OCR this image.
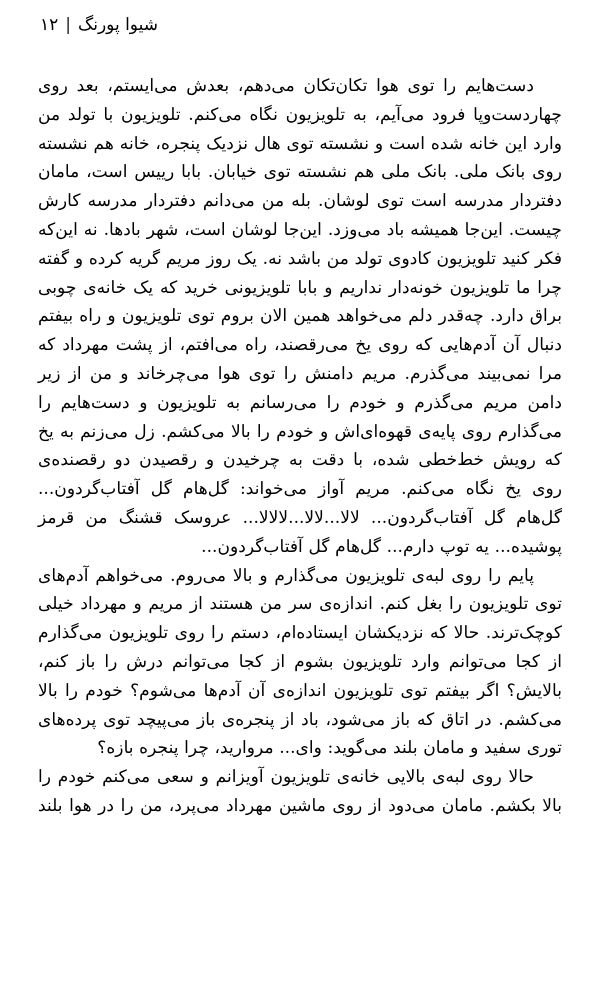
شیوا پورنگ
|
۱۲

دست‌هایم را توی هوا تکان‌تکان می‌دهم، بعدش می‌ایستم، بعد روی چهاردست‌وپا فرود می‌آیم، به تلویزیون نگاه می‌کنم. تلویزیون با تولد من وارد این خانه شده است و نشسته توی هال نزدیک پنجره، خانه هم نشسته روی بانک ملی. بانک ملی هم نشسته توی خیابان. بابا رییس است، مامان دفتردار مدرسه است توی لوشان. بله من می‌دانم دفتردار مدرسه کارش چیست. این‌جا همیشه باد می‌وزد. این‌جا لوشان است، شهر بادها. نه این‌که فکر کنید تلویزیون کادوی تولد من باشد نه. یک روز مریم گریه کرده و گفته چرا ما تلویزیون خونه‌دار نداریم و بابا تلویزیونی خرید که یک خانه‌ی چوبی براق دارد. چه‌قدر دلم می‌خواهد همین الان بروم توی تلویزیون و راه بیفتم دنبال آن آدم‌هایی که روی یخ می‌رقصند، راه می‌افتم، از پشت مهرداد که مرا نمی‌بیند می‌گذرم. مریم دامنش را توی هوا می‌چرخاند و من از زیر دامن مریم می‌گذرم و خودم را می‌رسانم به تلویزیون و دست‌هایم را می‌گذارم روی پایه‌ی قهوه‌ای‌اش و خودم را بالا می‌کشم. زل می‌زنم به یخ که رویش خط‌خطی شده، با دقت به چرخیدن و رقصیدن دو رقصنده‌ی روی یخ نگاه می‌کنم. مریم آواز می‌خواند: گل‌هام گل آفتاب‌گردون... گل‌هام گل آفتاب‌گردون... لالا...لالا...لالالا... عروسک قشنگ من قرمز پوشیده... یه توپ دارم... گل‌هام گل آفتاب‌گردون...

پایم را روی لبه‌ی تلویزیون می‌گذارم و بالا می‌روم. می‌خواهم آدم‌های توی تلویزیون را بغل کنم. اندازه‌ی سر من هستند از مریم و مهرداد خیلی کوچک‌ترند. حالا که نزدیکشان ایستاده‌ام، دستم را روی تلویزیون می‌گذارم از کجا می‌توانم وارد تلویزیون بشوم از کجا می‌توانم درش را باز کنم، بالایش؟ اگر بیفتم توی تلویزیون اندازه‌ی آن آدم‌ها می‌شوم؟ خودم را بالا می‌کشم. در اتاق که باز می‌شود، باد از پنجره‌ی باز می‌پیچد توی پرده‌های توری سفید و مامان بلند می‌گوید: وای... مروارید، چرا پنجره بازه؟

حالا روی لبه‌ی بالایی خانه‌ی تلویزیون آویزانم و سعی می‌کنم خودم را بالا بکشم. مامان می‌دود از روی ماشین مهرداد می‌پرد، من را در هوا بلند
